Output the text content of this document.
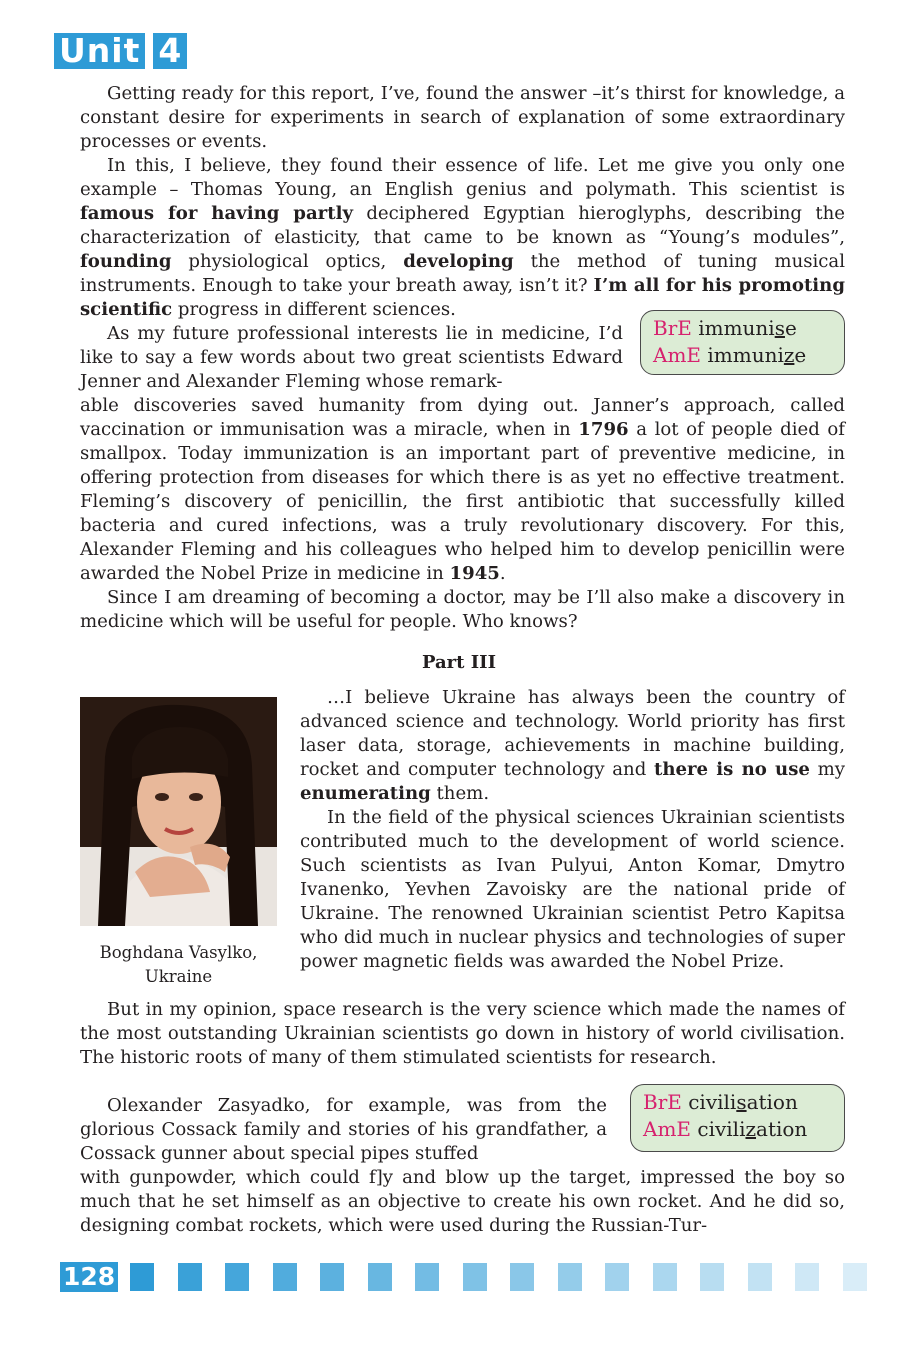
Unit 4

Getting ready for this report, I’ve, found the answer –it’s thirst for knowledge, a constant desire for experiments in search of explanation of some extraordinary processes or events.

In this, I believe, they found their essence of life. Let me give you only one example – Thomas Young, an English genius and polymath. This scientist is famous for having partly deciphered Egyptian hieroglyphs, describing the characterization of elasticity, that came to be known as “Young’s modules”, founding physiological optics, developing the method of tuning musical instruments. Enough to take your breath away, isn’t it? I’m all for his promoting scientific progress in different sciences.

As my future professional interests lie in medicine, I’d like to say a few words about two great scientists Edward Jenner and Alexander Fleming whose remark-

BrE immunise
AmE immunize

able discoveries saved humanity from dying out. Janner’s approach, called vaccination or immunisation was a miracle, when in 1796 a lot of people died of smallpox. Today immunization is an important part of preventive medicine, in offering protection from diseases for which there is as yet no effective treatment. Fleming’s discovery of penicillin, the first antibiotic that successfully killed bacteria and cured infections, was a truly revolutionary discovery. For this, Alexander Fleming and his colleagues who helped him to develop penicillin were awarded the Nobel Prize in medicine in 1945.

Since I am dreaming of becoming a doctor, may be I’ll also make a discovery in medicine which will be useful for people. Who knows?

Part III
Boghdana Vasylko, Ukraine

…I believe Ukraine has always been the country of advanced science and technology. World priority has first laser data, storage, achievements in machine building, rocket and computer technology and there is no use my enumerating them.

In the field of the physical sciences Ukrainian scientists contributed much to the development of world science. Such scientists as Ivan Pulyui, Anton Komar, Dmytro Ivanenko, Yevhen Zavoisky are the national pride of Ukraine. The renowned Ukrainian scientist Petro Kapitsa who did much in nuclear physics and technologies of super power magnetic fields was awarded the Nobel Prize.

But in my opinion, space research is the very science which made the names of the most outstanding Ukrainian scientists go down in history of world civilisation. The historic roots of many of them stimulated scientists for research.

Olexander Zasyadko, for example, was from the glorious Cossack family and stories of his grandfather, a Cossack gunner about special pipes stuffed

BrE civilisation
AmE civilization

with gunpowder, which could f]y and blow up the target, impressed the boy so much that he set himself as an objective to create his own rocket. And he did so, designing combat rockets, which were used during the Russian-Tur-

128
